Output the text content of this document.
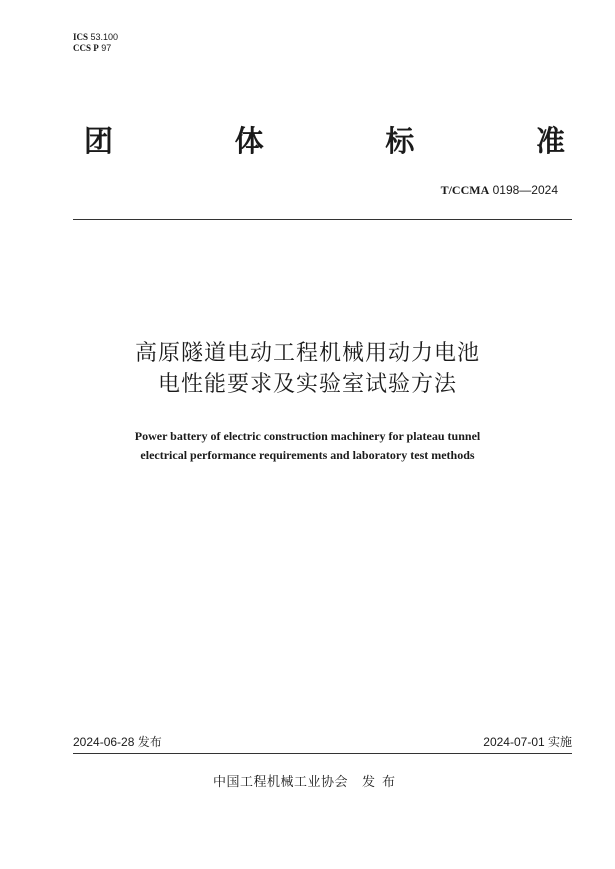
ICS 53.100
CCS P 97
团	体	标	准
T/CCMA 0198—2024
高原隧道电动工程机械用动力电池
电性能要求及实验室试验方法
Power battery of electric construction machinery for plateau tunnel
electrical performance requirements and laboratory test methods
2024-06-28 发布	2024-07-01 实施
中国工程机械工业协会 发布
